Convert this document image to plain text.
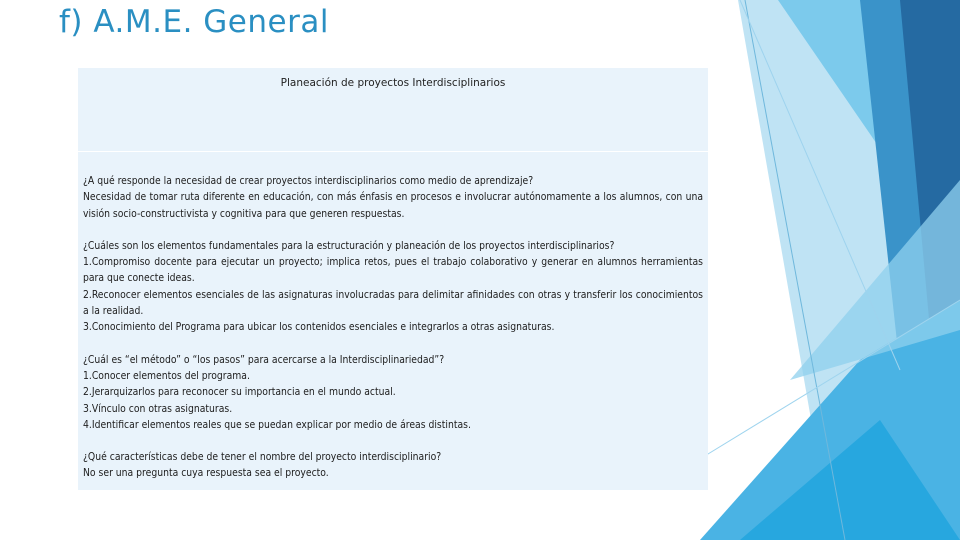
f) A.M.E. General
Planeación de proyectos Interdisciplinarios

¿A qué responde la necesidad de crear proyectos interdisciplinarios como medio de aprendizaje?
Necesidad de tomar ruta diferente en educación, con más énfasis en procesos e involucrar autónomamente a los alumnos, con una visión socio-constructivista y cognitiva para que generen respuestas.

¿Cuáles son los elementos fundamentales para la estructuración y planeación de los proyectos interdisciplinarios?
1.Compromiso docente para ejecutar un proyecto; implica retos, pues el trabajo colaborativo y generar en alumnos herramientas para que conecte ideas.
2.Reconocer elementos esenciales de las asignaturas involucradas para delimitar afinidades con otras y transferir los conocimientos a la realidad.
3.Conocimiento del Programa para ubicar los contenidos esenciales e integrarlos a otras asignaturas.

¿Cuál es “el método” o “los pasos” para acercarse a la Interdisciplinariedad”?
1.Conocer elementos del programa.
2.Jerarquizarlos para reconocer su importancia en el mundo actual.
3.Vínculo con otras asignaturas.
4.Identificar elementos reales que se puedan explicar por medio de áreas distintas.

¿Qué características debe de tener el nombre del proyecto interdisciplinario?
No ser una pregunta cuya respuesta sea el proyecto.
